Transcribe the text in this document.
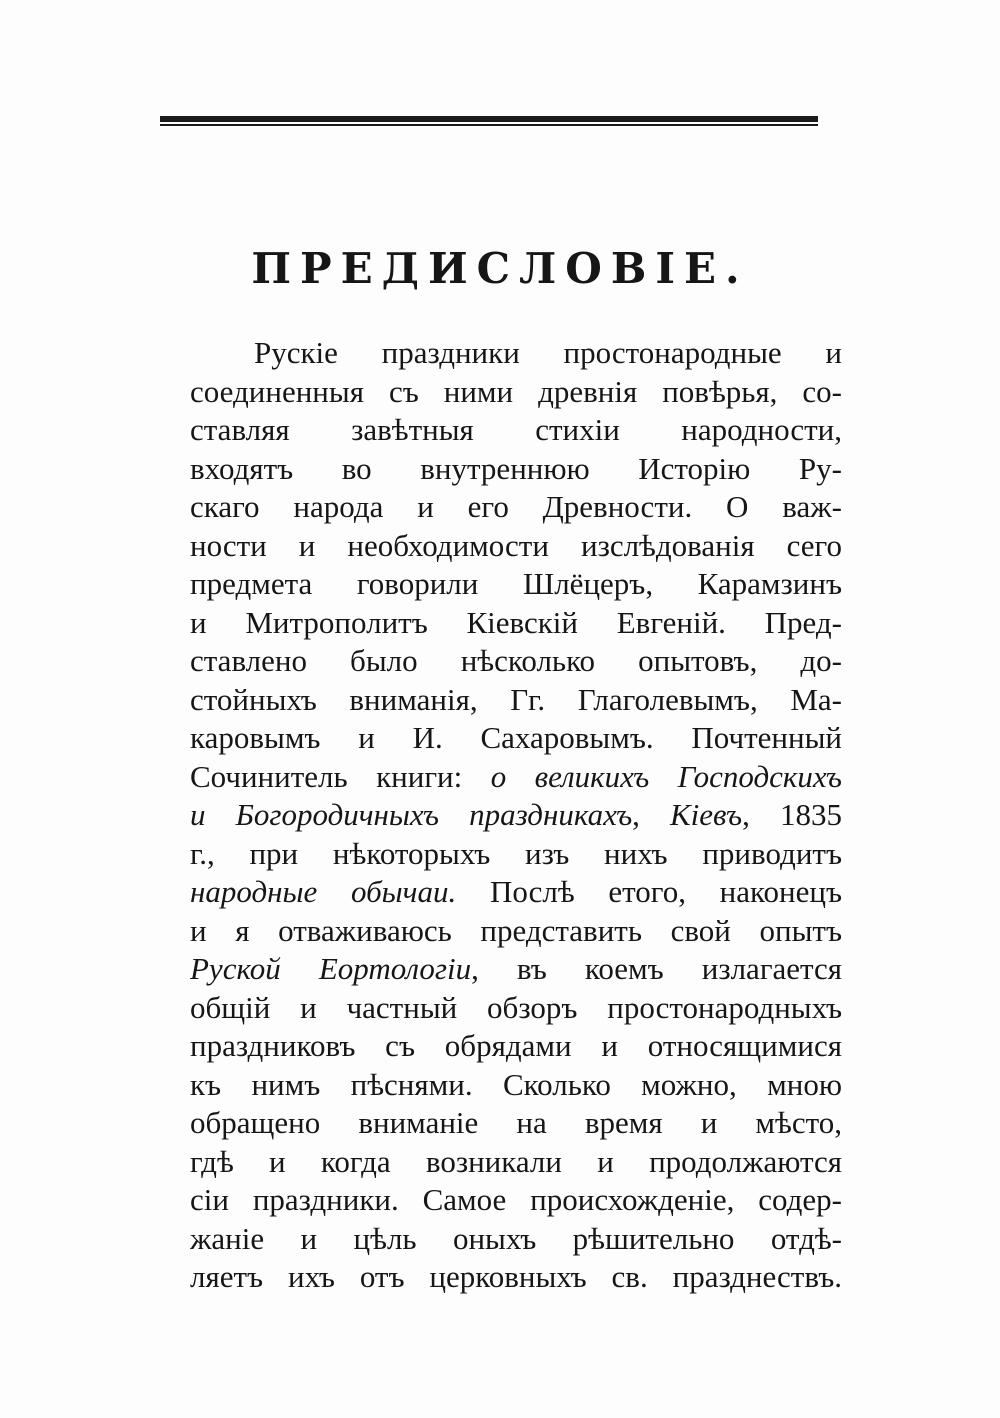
ПРЕДИСЛОВІЕ.
Рускіе праздники простонародные и
соединенныя съ ними древнія повѣрья, со-
ставляя завѣтныя стихіи народности,
входятъ во внутреннюю Исторію Ру-
скаго народа и его Древности. О важ-
ности и необходимости изслѣдованія сего
предмета говорили Шлёцеръ, Карамзинъ
и Митрополитъ Кіевскій Евгеній. Пред-
ставлено было нѣсколько опытовъ, до-
стойныхъ вниманія, Гг. Глаголевымъ, Ма-
каровымъ и И. Сахаровымъ. Почтенный
Сочинитель книги: о великихъ Господскихъ
и Богородичныхъ праздникахъ, Кіевъ, 1835
г., при нѣкоторыхъ изъ нихъ приводитъ
народные обычаи. Послѣ етого, наконецъ
и я отваживаюсь представить свой опытъ
Руской Еортологіи, въ коемъ излагается
общій и частный обзоръ простонародныхъ
праздниковъ съ обрядами и относящимися
къ нимъ пѣснями. Сколько можно, мною
обращено вниманіе на время и мѣсто,
гдѣ и когда возникали и продолжаются
сіи праздники. Самое происхожденіе, содер-
жаніе и цѣль оныхъ рѣшительно отдѣ-
ляетъ ихъ отъ церковныхъ св. празднествъ.
